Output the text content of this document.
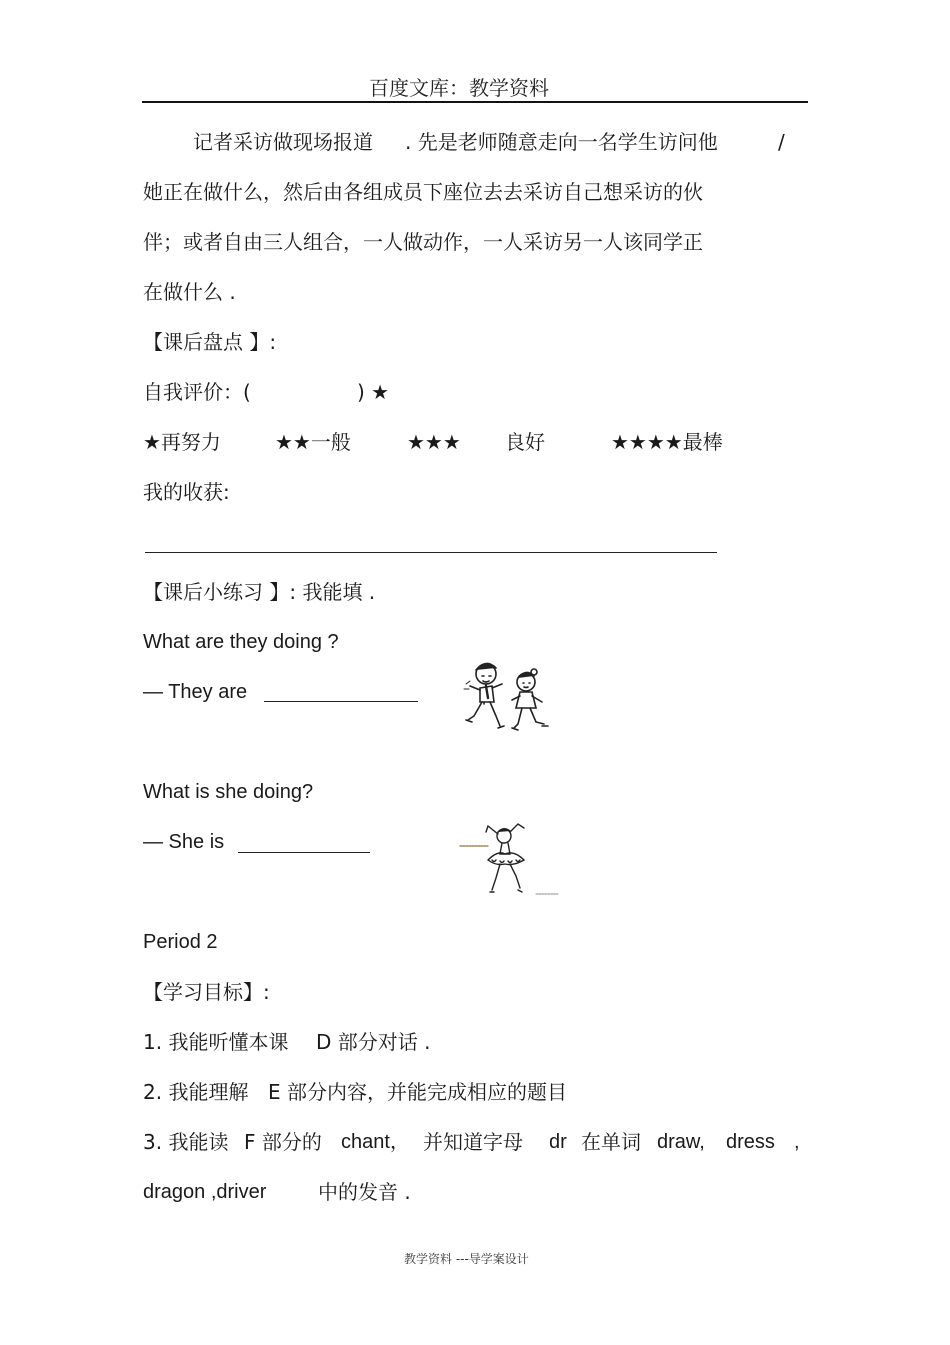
百度文库：教学资料
记者采访做现场报道 . 先是老师随意走向一名学生访问他	/
她正在做什么，然后由各组成员下座位去去采访自己想采访的伙
伴；或者自由三人组合，一人做动作，一人采访另一人该同学正
在做什么 .
【课后盘点 】:
自我评价：(	) ★
★再努力	★★一般	★★★ 良好	★★★★最棒
我的收获:
【课后小练习 】: 我能填 .
What are they doing ?
— They are
What is she doing?
— She is
Period 2
【学习目标】:
1. 我能听懂本课 D 部分对话 .
2. 我能理解 E 部分内容，并能完成相应的题目
3. 我能读 F 部分的 chant， 并知道字母 dr 在单词 draw, dress ,
dragon ,driver	中的发音 .
教学资料 ---导学案设计
